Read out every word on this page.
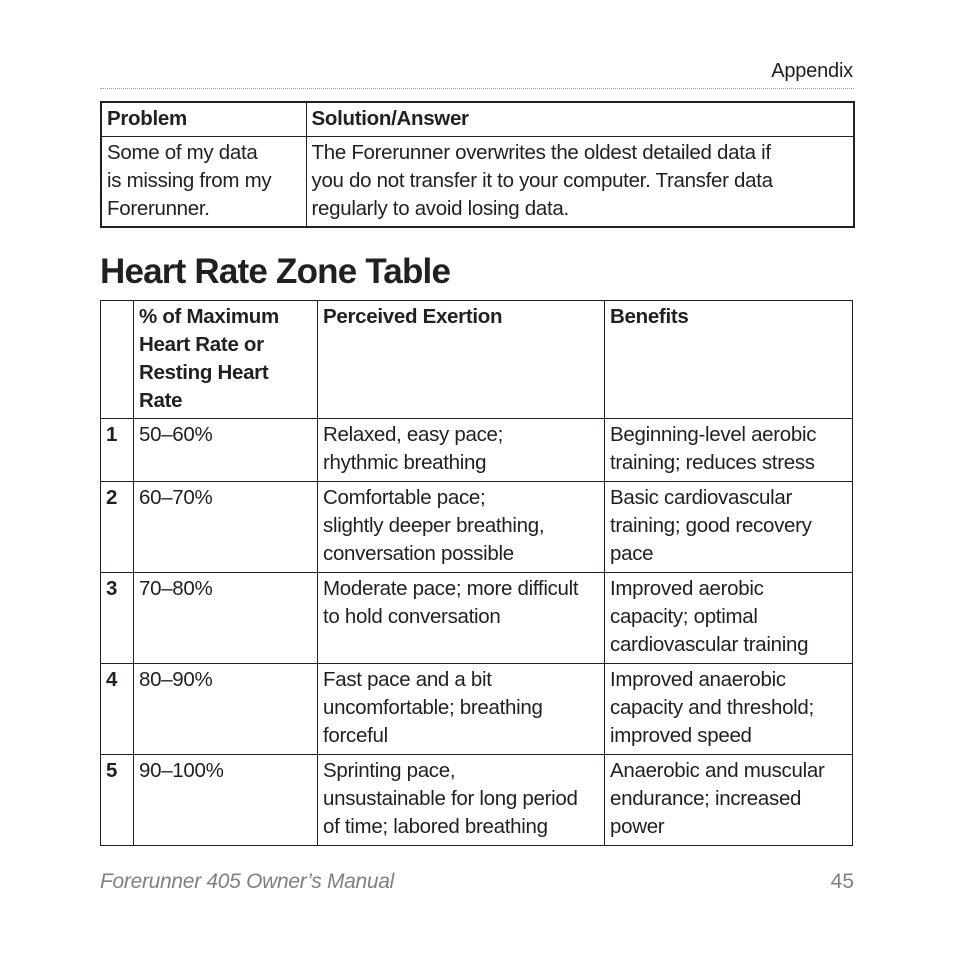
Appendix
Problem	Solution/Answer

Some of my data
is missing from my
Forerunner.	The Forerunner overwrites the oldest detailed data if
you do not transfer it to your computer. Transfer data
regularly to avoid losing data.
Heart Rate Zone Table

	% of Maximum
Heart Rate or
Resting Heart
Rate	Perceived Exertion	Benefits

1	50–60%	Relaxed, easy pace;
rhythmic breathing	Beginning-level aerobic
training; reduces stress

2	60–70%	Comfortable pace;
slightly deeper breathing,
conversation possible	Basic cardiovascular
training; good recovery
pace

3	70–80%	Moderate pace; more difficult
to hold conversation	Improved aerobic
capacity; optimal
cardiovascular training

4	80–90%	Fast pace and a bit
uncomfortable; breathing
forceful	Improved anaerobic
capacity and threshold;
improved speed

5	90–100%	Sprinting pace,
unsustainable for long period
of time; labored breathing	Anaerobic and muscular
endurance; increased
power
Forerunner 405 Owner’s Manual	45
